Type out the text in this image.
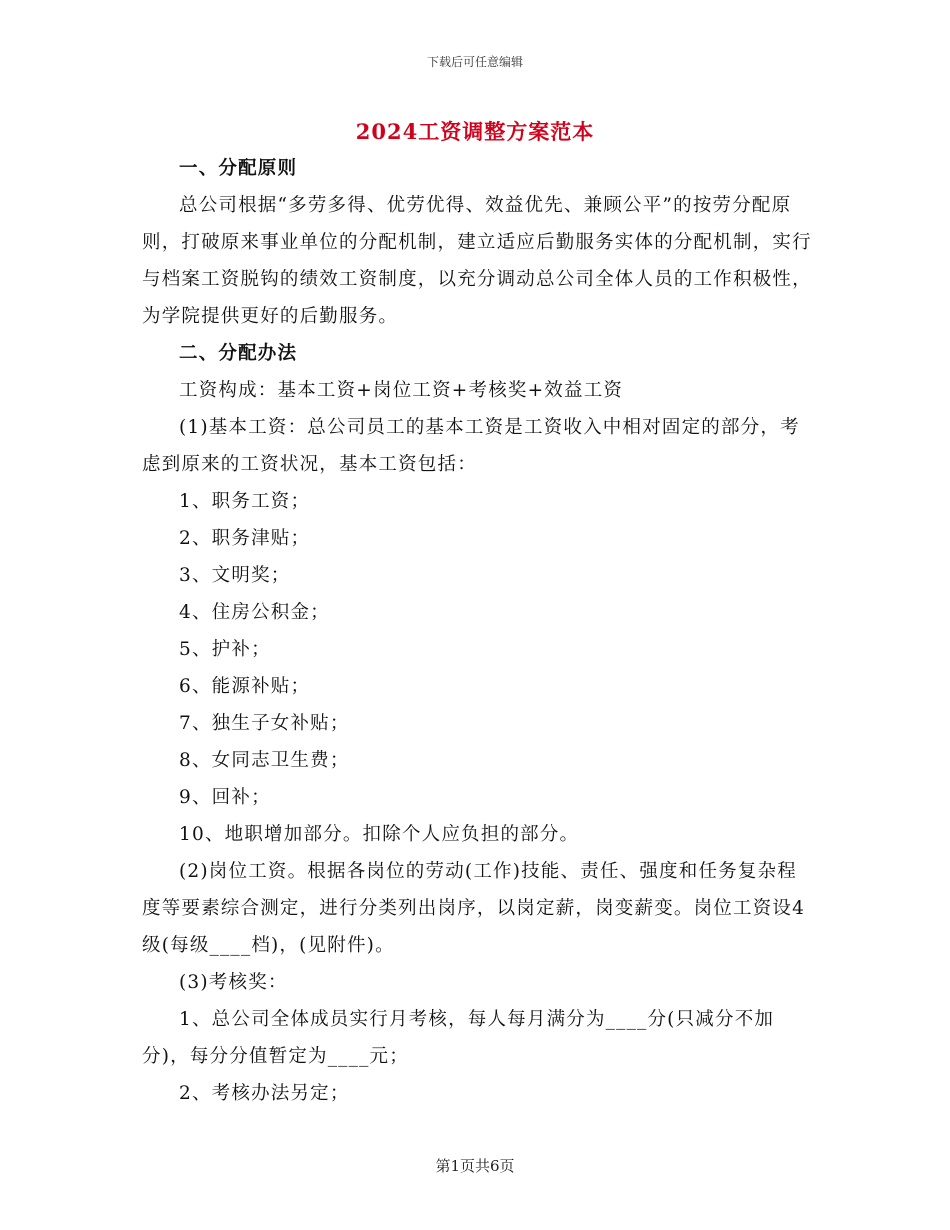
下载后可任意编辑
2024工资调整方案范本

一、分配原则

总公司根据“多劳多得、优劳优得、效益优先、兼顾公平”的按劳分配原则，打破原来事业单位的分配机制，建立适应后勤服务实体的分配机制，实行与档案工资脱钩的绩效工资制度，以充分调动总公司全体人员的工作积极性，为学院提供更好的后勤服务。

二、分配办法

工资构成：基本工资+岗位工资+考核奖+效益工资

(1)基本工资：总公司员工的基本工资是工资收入中相对固定的部分，考虑到原来的工资状况，基本工资包括：

1、职务工资；

2、职务津贴；

3、文明奖；

4、住房公积金；

5、护补；

6、能源补贴；

7、独生子女补贴；

8、女同志卫生费；

9、回补；

10、地职增加部分。扣除个人应负担的部分。

(2)岗位工资。根据各岗位的劳动(工作)技能、责任、强度和任务复杂程度等要素综合测定，进行分类列出岗序，以岗定薪，岗变薪变。岗位工资设4级(每级____档)，(见附件)。

(3)考核奖：

1、总公司全体成员实行月考核，每人每月满分为____分(只减分不加分)，每分分值暂定为____元；

2、考核办法另定；

第1页共6页
